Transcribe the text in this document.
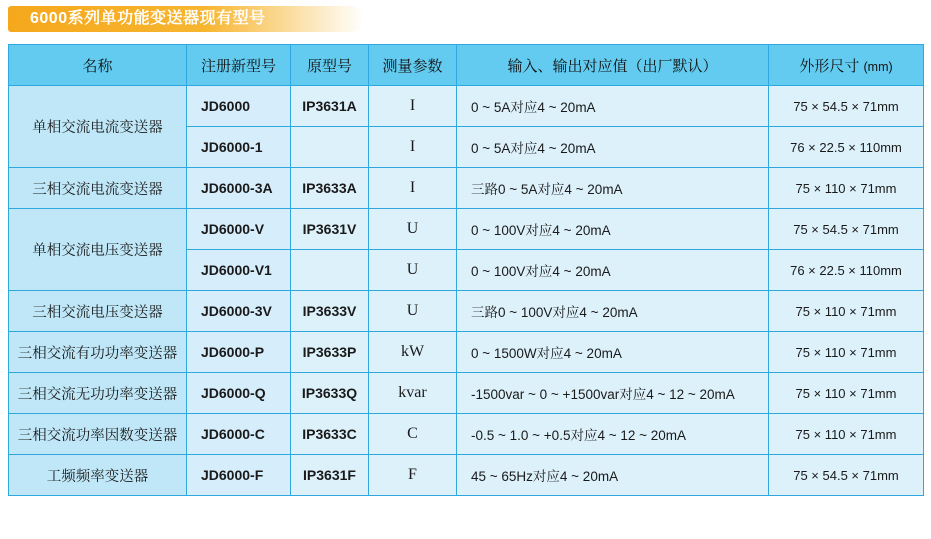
6000系列单功能变送器现有型号
名称	注册新型号	原型号	测量参数	输入、输出对应值（出厂默认）	外形尺寸 (mm)
单相交流电流变送器	JD6000	IP3631A	I	0 ~ 5A对应4 ~ 20mA	75 × 54.5 × 71mm
	JD6000-1		I	0 ~ 5A对应4 ~ 20mA	76 × 22.5 × 110mm
三相交流电流变送器	JD6000-3A	IP3633A	I	三路0 ~ 5A对应4 ~ 20mA	75 × 110 × 71mm
单相交流电压变送器	JD6000-V	IP3631V	U	0 ~ 100V对应4 ~ 20mA	75 × 54.5 × 71mm
	JD6000-V1		U	0 ~ 100V对应4 ~ 20mA	76 × 22.5 × 110mm
三相交流电压变送器	JD6000-3V	IP3633V	U	三路0 ~ 100V对应4 ~ 20mA	75 × 110 × 71mm
三相交流有功功率变送器	JD6000-P	IP3633P	kW	0 ~ 1500W对应4 ~ 20mA	75 × 110 × 71mm
三相交流无功功率变送器	JD6000-Q	IP3633Q	kvar	-1500var ~ 0 ~ +1500var对应4 ~ 12 ~ 20mA	75 × 110 × 71mm
三相交流功率因数变送器	JD6000-C	IP3633C	C	-0.5 ~ 1.0 ~ +0.5对应4 ~ 12 ~ 20mA	75 × 110 × 71mm
工频频率变送器	JD6000-F	IP3631F	F	45 ~ 65Hz对应4 ~ 20mA	75 × 54.5 × 71mm
